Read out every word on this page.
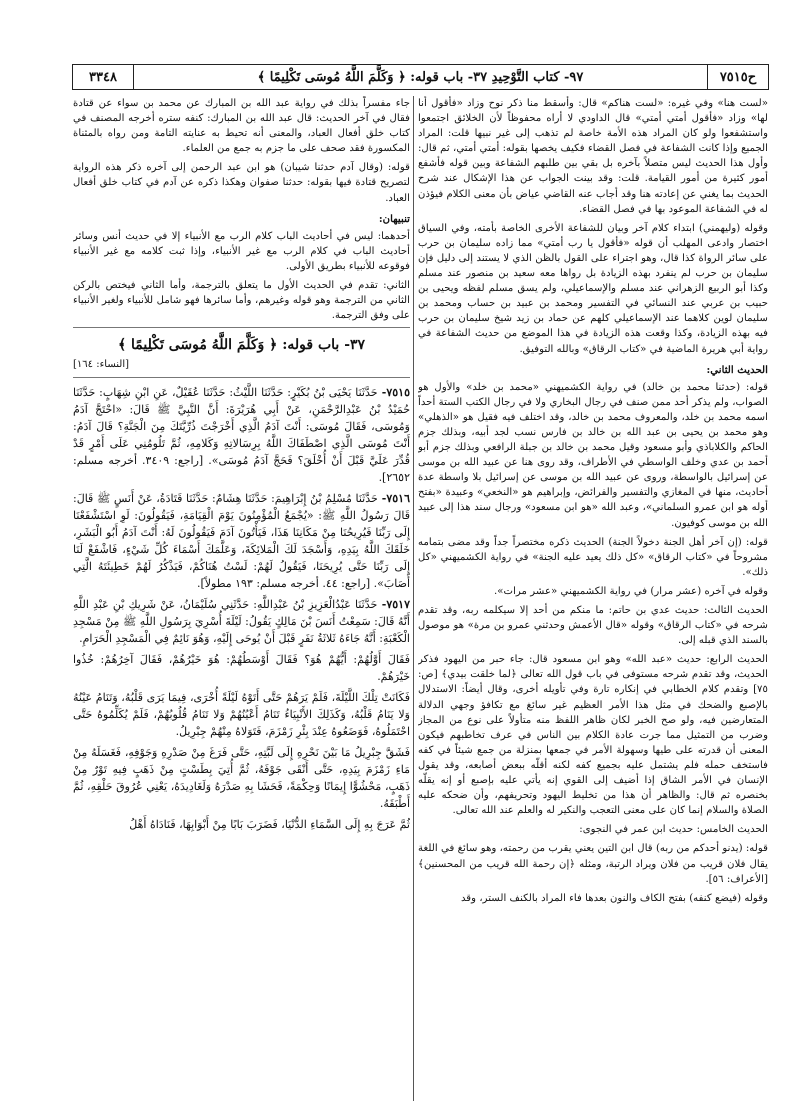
٣٣٤٨	٩٧- كتاب التَّوْحِيدِ ٣٧- باب قوله: ﴿ وَكَلَّمَ اللَّهُ مُوسَى تَكْلِيمًا ﴾	ح٧٥١٥

«لست هنا» وفي غيره: «لست هناكم» قال: وأسقط منا ذكر نوح وزاد «فأقول أنا لها» وزاد «فأقول أمتي أمتي» قال الداودي لا أراه محفوظاً لأن الخلائق اجتمعوا واستشفعوا ولو كان المراد هذه الأمة خاصة لم تذهب إلى غير نبيها قلت: المراد الجميع وإذا كانت الشفاعة في فصل القضاء فكيف يخصها بقوله: أمتي أمتي، ثم قال: وأول هذا الحديث ليس متصلاً بآخره بل بقي بين طلبهم الشفاعة وبين قوله فأشفع أمور كثيرة من أمور القيامة. قلت: وقد بينت الجواب عن هذا الإشكال عند شرح الحديث بما يغني عن إعادته هنا وقد أجاب عنه القاضي عياض بأن معنى الكلام فيؤذن له في الشفاعة الموعود بها في فصل القضاء.

وقوله (وليهمني) ابتداء كلام آخر وبيان للشفاعة الأخرى الخاصة بأمته، وفي السياق اختصار وادعى المهلب أن قوله «فأقول يا رب أمتي» مما زاده سليمان بن حرب على سائر الرواة كذا قال، وهو اجتراء على القول بالظن الذي لا يستند إلى دليل فإن سليمان بن حرب لم ينفرد بهذه الزيادة بل رواها معه سعيد بن منصور عند مسلم وكذا أبو الربيع الزهراني عند مسلم والإسماعيلي، ولم يسق مسلم لفظه ويحيى بن حبيب بن عربي عند النسائي في التفسير ومحمد بن عبيد بن حساب ومحمد بن سليمان لوين كلاهما عند الإسماعيلي كلهم عن حماد بن زيد شيخ سليمان بن حرب فيه بهذه الزيادة، وكذا وقعت هذه الزيادة في هذا الموضع من حديث الشفاعة في رواية أبي هريرة الماضية في «كتاب الرقاق» وبالله التوفيق.

الحديث الثاني:

قوله: (حدثنا محمد بن خالد) في رواية الكشميهني «محمد بن خلد» والأول هو الصواب، ولم يذكر أحد ممن صنف في رجال البخاري ولا في رجال الكتب الستة أحداً اسمه محمد بن خلد، والمعروف محمد بن خالد، وقد اختلف فيه فقيل هو «الذهلي» وهو محمد بن يحيى بن عبد الله بن خالد بن فارس نسب لجد أبيه، وبذلك جزم الحاكم والكلاباذي وأبو مسعود وقيل محمد بن خالد بن جبلة الرافعي وبذلك جزم أبو أحمد بن عدي وخلف الواسطي في الأطراف، وقد روى هنا عن عبيد الله بن موسى عن إسرائيل بالواسطة، وروى عن عبيد الله بن موسى عن إسرائيل بلا واسطة عدة أحاديث، منها في المغازي والتفسير والفرائض، وإبراهيم هو «النخعي» وعبيدة «بفتح أوله هو ابن عمرو السلماني»، وعبد الله «هو ابن مسعود» ورجال سند هذا إلى عبيد الله بن موسى كوفيون.

قوله: (إن آخر أهل الجنة دخولاً الجنة) الحديث ذكره مختصراً جداً وقد مضى بتمامه مشروحاً في «كتاب الرقاق» «كل ذلك يعيد عليه الجنة» في رواية الكشميهني «كل ذلك».

وقوله في آخره (عشر مرار) في رواية الكشميهني «عشر مرات».

الحديث الثالث: حديث عدي بن حاتم: ما منكم من أحد إلا سيكلمه ربه، وقد تقدم شرحه في «كتاب الرقاق» وقوله «قال الأعمش وحدثني عمرو بن مرة» هو موصول بالسند الذي قبله إلى.

الحديث الرابع: حديث «عبد الله» وهو ابن مسعود قال: جاء حبر من اليهود فذكر الحديث، وقد تقدم شرحه مستوفى في باب قول الله تعالى ﴿لما خلقت بيدي﴾ [ص: ٧٥] وتقدم كلام الخطابي في إنكاره تارة وفي تأويله أخرى، وقال أيضاً: الاستدلال بالإصبع والضحك في مثل هذا الأمر العظيم غير سائغ مع تكافؤ وجهي الدلالة المتعارضين فيه، ولو صح الخبر لكان ظاهر اللفظ منه متأولاً على نوع من المجاز وضرب من التمثيل مما جرت عادة الكلام بين الناس في عرف تخاطبهم فيكون المعنى أن قدرته على طيها وسهولة الأمر في جمعها بمنزلة من جمع شيئاً في كفه فاستخف حمله فلم يشتمل عليه بجميع كفه لكنه أقلّه ببعض أصابعه، وقد يقول الإنسان في الأمر الشاق إذا أضيف إلى القوي إنه يأتي عليه بإصبع أو إنه يقلّه بخنصره ثم قال: والظاهر أن هذا من تخليط اليهود وتحريفهم، وأن ضحكه عليه الصلاة والسلام إنما كان على معنى التعجب والنكير له والعلم عند الله تعالى.

الحديث الخامس: حديث ابن عمر في النجوى:

قوله: (يدنو أحدكم من ربه) قال ابن التين يعني يقرب من رحمته، وهو سائغ في اللغة يقال فلان قريب من فلان ويراد الرتبة، ومثله ﴿إن رحمة الله قريب من المحسنين﴾ [الأعراف: ٥٦].

وقوله (فيضع كنفه) بفتح الكاف والنون بعدها فاء المراد بالكنف الستر، وقد

جاء مفسراً بذلك في رواية عبد الله بن المبارك عن محمد بن سواء عن قتادة فقال في آخر الحديث: قال عبد الله بن المبارك: كنفه ستره أخرجه المصنف في كتاب خلق أفعال العباد، والمعنى أنه تحيط به عنايته التامة ومن رواه بالمثناة المكسورة فقد صحف على ما جزم به جمع من العلماء.

قوله: (وقال آدم حدثنا شيبان) هو ابن عبد الرحمن إلى آخره ذكر هذه الرواية لتصريح قتادة فيها بقوله: حدثنا صفوان وهكذا ذكره عن آدم في كتاب خلق أفعال العباد.

تنبيهان:

أحدهما: ليس في أحاديث الباب كلام الرب مع الأنبياء إلا في حديث أنس وسائر أحاديث الباب في كلام الرب مع غير الأنبياء، وإذا ثبت كلامه مع غير الأنبياء فوقوعه للأنبياء بطريق الأولى.

الثاني: تقدم في الحديث الأول ما يتعلق بالترجمة، وأما الثاني فيختص بالركن الثاني من الترجمة وهو قوله وغيرهم، وأما سائرها فهو شامل للأنبياء ولغير الأنبياء على وفق الترجمة.

٣٧- باب قوله: ﴿ وَكَلَّمَ اللَّهُ مُوسَى تَكْلِيمًا ﴾
[النساء: ١٦٤]

٧٥١٥- حَدَّثَنَا يَحْيَى بْنُ بُكَيْرٍ: حَدَّثَنَا اللَّيْثُ: حَدَّثَنَا عُقَيْلٌ، عَنِ ابْنِ شِهَابٍ: حَدَّثَنَا حُمَيْدُ بْنُ عَبْدِالرَّحْمَنِ، عَنْ أَبِي هُرَيْرَةَ: أَنَّ النَّبِيَّ ﷺ قَالَ: «احْتَجَّ آدَمُ وَمُوسَى، فَقَالَ مُوسَى: أَنْتَ آدَمُ الَّذِي أَخْرَجْتَ ذُرِّيَّتَكَ مِنَ الْجَنَّةِ؟ قَالَ آدَمُ: أَنْتَ مُوسَى الَّذِي اصْطَفَاكَ اللَّهُ بِرِسَالاتِهِ وَكَلامِهِ، ثُمَّ تَلُومُنِي عَلَى أَمْرٍ قَدْ قُدِّرَ عَلَيَّ قَبْلَ أَنْ أُخْلَقَ؟ فَحَجَّ آدَمُ مُوسَى». [راجع: ٣٤٠٩. أخرجه مسلم: ٢٦٥٢].

٧٥١٦- حَدَّثَنَا مُسْلِمُ بْنُ إِبْرَاهِيمَ: حَدَّثَنَا هِشَامٌ: حَدَّثَنَا قَتَادَةُ، عَنْ أَنَسٍ ﷺ قَالَ: قَالَ رَسُولُ اللَّهِ ﷺ: «يُجْمَعُ الْمُؤْمِنُونَ يَوْمَ الْقِيَامَةِ، فَيَقُولُونَ: لَوِ اسْتَشْفَعْنَا إِلَى رَبِّنَا فَيُرِيحُنَا مِنْ مَكَانِنَا هَذَا، فَيَأْتُونَ آدَمَ فَيَقُولُونَ لَهُ: أَنْتَ آدَمُ أَبُو الْبَشَرِ، خَلَقَكَ اللَّهُ بِيَدِهِ، وَأَسْجَدَ لَكَ الْمَلائِكَةَ، وَعَلَّمَكَ أَسْمَاءَ كُلِّ شَيْءٍ، فَاشْفَعْ لَنَا إِلَى رَبِّنَا حَتَّى يُرِيحَنَا، فَيَقُولُ لَهُمْ: لَسْتُ هُنَاكُمْ، فَيَذْكُرُ لَهُمْ خَطِيئَتَهُ الَّتِي أَصَابَ». [راجع: ٤٤. أخرجه مسلم: ١٩٣ مطولاً].

٧٥١٧- حَدَّثَنَا عَبْدُالْعَزِيزِ بْنُ عَبْدِاللَّهِ: حَدَّثَنِي سُلَيْمَانُ، عَنْ شَرِيكِ بْنِ عَبْدِ اللَّهِ أَنَّهُ قَالَ: سَمِعْتُ أَنَسَ بْنَ مَالِكٍ يَقُولُ: لَيْلَةَ أُسْرِيَ بِرَسُولِ اللَّهِ ﷺ مِنْ مَسْجِدِ الْكَعْبَةِ: أَنَّهُ جَاءَهُ ثَلاثَةُ نَفَرٍ قَبْلَ أَنْ يُوحَى إِلَيْهِ، وَهُوَ نَائِمٌ فِي الْمَسْجِدِ الْحَرَامِ.

فَقَالَ أَوَّلُهُمْ: أَيُّهُمْ هُوَ؟ فَقَالَ أَوْسَطُهُمْ: هُوَ خَيْرُهُمْ، فَقَالَ آخِرُهُمْ: خُذُوا خَيْرَهُمْ.

فَكَانَتْ تِلْكَ اللَّيْلَةَ، فَلَمْ يَرَهُمْ حَتَّى أَتَوْهُ لَيْلَةً أُخْرَى، فِيمَا يَرَى قَلْبُهُ، وَتَنَامُ عَيْنُهُ وَلا يَنَامُ قَلْبُهُ، وَكَذَلِكَ الأَنْبِيَاءُ تَنَامُ أَعْيُنُهُمْ وَلا تَنَامُ قُلُوبُهُمْ، فَلَمْ يُكَلِّمُوهُ حَتَّى احْتَمَلُوهُ، فَوَضَعُوهُ عِنْدَ بِئْرِ زَمْزَمَ، فَتَوَلاهُ مِنْهُمْ جِبْرِيلُ.

فَشَقَّ جِبْرِيلُ مَا بَيْنَ نَحْرِهِ إِلَى لَبَّتِهِ، حَتَّى فَرَغَ مِنْ صَدْرِهِ وَجَوْفِهِ، فَغَسَلَهُ مِنْ مَاءِ زَمْزَمَ بِيَدِهِ، حَتَّى أَنْقَى جَوْفَهُ، ثُمَّ أُتِيَ بِطَسْتٍ مِنْ ذَهَبٍ فِيهِ تَوْرٌ مِنْ ذَهَبٍ، مَحْشُوًّا إِيمَانًا وَحِكْمَةً، فَحَشَا بِهِ صَدْرَهُ وَلَغَادِيدَهُ، يَعْنِي عُرُوقَ حَلْقِهِ، ثُمَّ أَطْبَقَهُ.

ثُمَّ عَرَجَ بِهِ إِلَى السَّمَاءِ الدُّنْيَا، فَضَرَبَ بَابًا مِنْ أَبْوَابِهَا، فَنَادَاهُ أَهْلُ
